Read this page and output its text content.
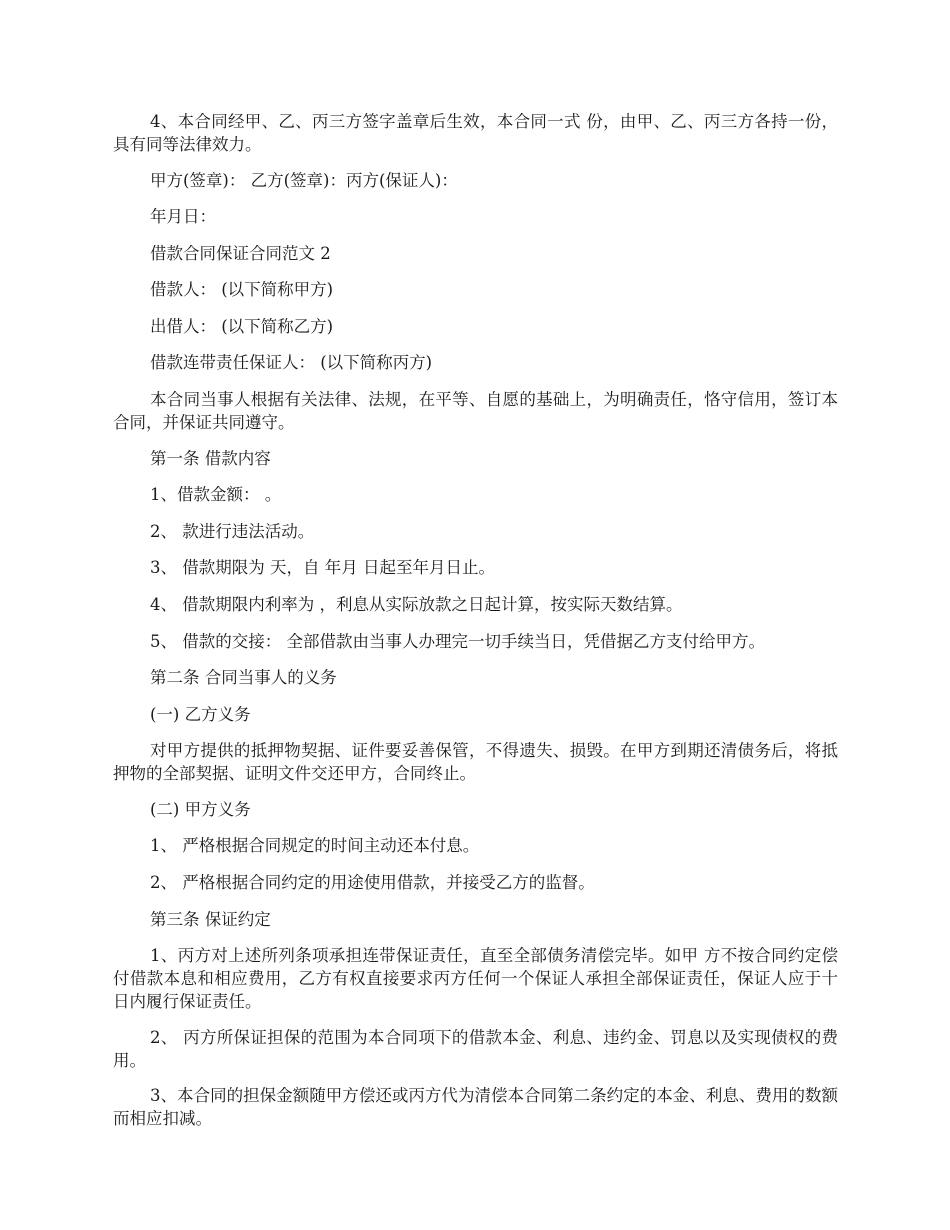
4、本合同经甲、乙、丙三方签字盖章后生效，本合同一式 份，由甲、乙、丙三方各持一份，具有同等法律效力。

甲方(签章)： 乙方(签章)：丙方(保证人)：

年月日：

借款合同保证合同范文 2

借款人： (以下简称甲方)

出借人： (以下简称乙方)

借款连带责任保证人： (以下简称丙方)

本合同当事人根据有关法律、法规，在平等、自愿的基础上，为明确责任，恪守信用，签订本合同，并保证共同遵守。

第一条 借款内容

1、借款金额： 。

2、 款进行违法活动。

3、 借款期限为 天，自 年月 日起至年月日止。

4、 借款期限内利率为 ，利息从实际放款之日起计算，按实际天数结算。

5、 借款的交接： 全部借款由当事人办理完一切手续当日，凭借据乙方支付给甲方。

第二条 合同当事人的义务

(一) 乙方义务

对甲方提供的抵押物契据、证件要妥善保管，不得遗失、损毁。在甲方到期还清债务后，将抵押物的全部契据、证明文件交还甲方，合同终止。

(二) 甲方义务

1、 严格根据合同规定的时间主动还本付息。

2、 严格根据合同约定的用途使用借款，并接受乙方的监督。

第三条 保证约定

1、丙方对上述所列条项承担连带保证责任，直至全部债务清偿完毕。如甲 方不按合同约定偿付借款本息和相应费用，乙方有权直接要求丙方任何一个保证人承担全部保证责任，保证人应于十日内履行保证责任。

2、 丙方所保证担保的范围为本合同项下的借款本金、利息、违约金、罚息以及实现债权的费用。

3、本合同的担保金额随甲方偿还或丙方代为清偿本合同第二条约定的本金、利息、费用的数额而相应扣减。
